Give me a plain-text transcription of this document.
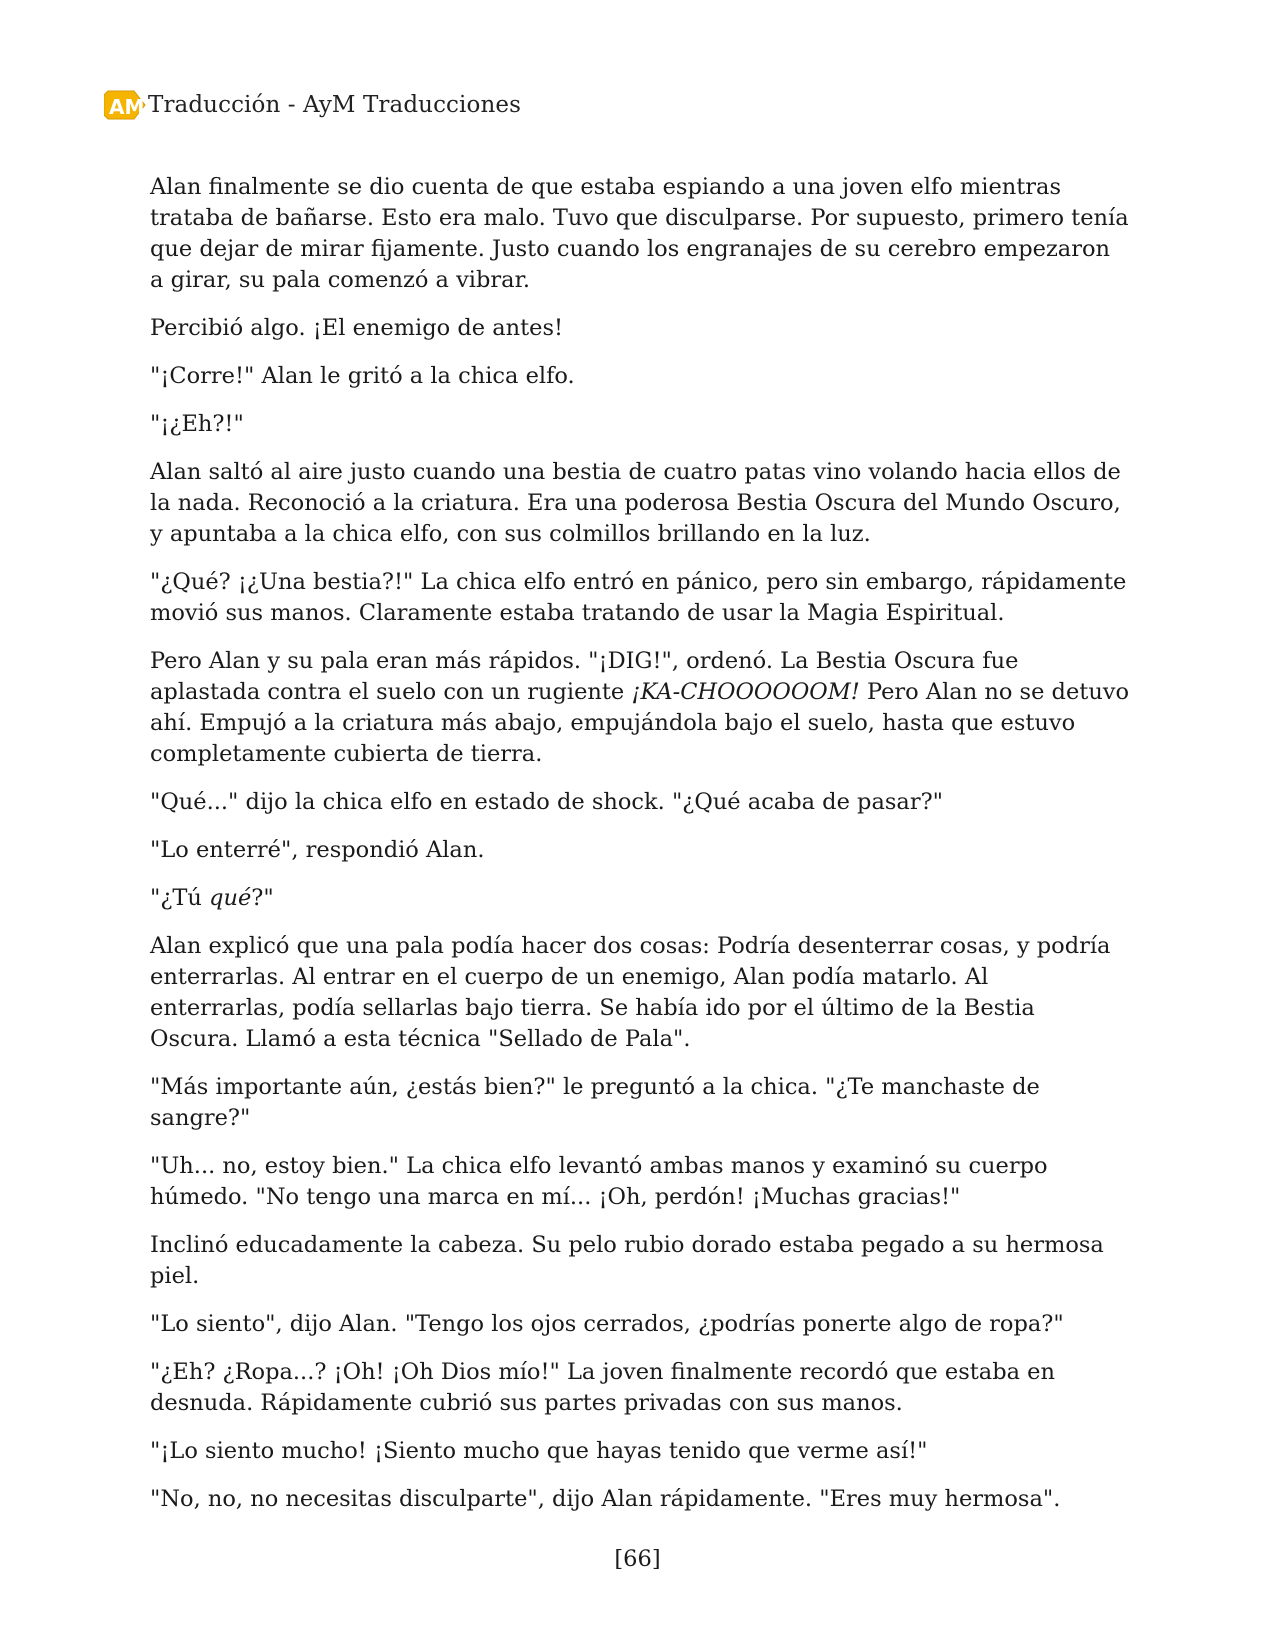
AM Traducción - AyM Traducciones

Alan finalmente se dio cuenta de que estaba espiando a una joven elfo mientras trataba de bañarse. Esto era malo. Tuvo que disculparse. Por supuesto, primero tenía que dejar de mirar fijamente. Justo cuando los engranajes de su cerebro empezaron a girar, su pala comenzó a vibrar.

Percibió algo. ¡El enemigo de antes!

"¡Corre!" Alan le gritó a la chica elfo.

"¡¿Eh?!"

Alan saltó al aire justo cuando una bestia de cuatro patas vino volando hacia ellos de la nada. Reconoció a la criatura. Era una poderosa Bestia Oscura del Mundo Oscuro, y apuntaba a la chica elfo, con sus colmillos brillando en la luz.

"¿Qué? ¡¿Una bestia?!" La chica elfo entró en pánico, pero sin embargo, rápidamente movió sus manos. Claramente estaba tratando de usar la Magia Espiritual.

Pero Alan y su pala eran más rápidos. "¡DIG!", ordenó. La Bestia Oscura fue aplastada contra el suelo con un rugiente ¡KA-CHOOOOOOM! Pero Alan no se detuvo ahí. Empujó a la criatura más abajo, empujándola bajo el suelo, hasta que estuvo completamente cubierta de tierra.

"Qué..." dijo la chica elfo en estado de shock. "¿Qué acaba de pasar?"

"Lo enterré", respondió Alan.

"¿Tú qué?"

Alan explicó que una pala podía hacer dos cosas: Podría desenterrar cosas, y podría enterrarlas. Al entrar en el cuerpo de un enemigo, Alan podía matarlo. Al enterrarlas, podía sellarlas bajo tierra. Se había ido por el último de la Bestia Oscura. Llamó a esta técnica "Sellado de Pala".

"Más importante aún, ¿estás bien?" le preguntó a la chica. "¿Te manchaste de sangre?"

"Uh... no, estoy bien." La chica elfo levantó ambas manos y examinó su cuerpo húmedo. "No tengo una marca en mí... ¡Oh, perdón! ¡Muchas gracias!"

Inclinó educadamente la cabeza. Su pelo rubio dorado estaba pegado a su hermosa piel.

"Lo siento", dijo Alan. "Tengo los ojos cerrados, ¿podrías ponerte algo de ropa?"

"¿Eh? ¿Ropa...? ¡Oh! ¡Oh Dios mío!" La joven finalmente recordó que estaba en desnuda. Rápidamente cubrió sus partes privadas con sus manos.

"¡Lo siento mucho! ¡Siento mucho que hayas tenido que verme así!"

"No, no, no necesitas disculparte", dijo Alan rápidamente. "Eres muy hermosa".

[66]
